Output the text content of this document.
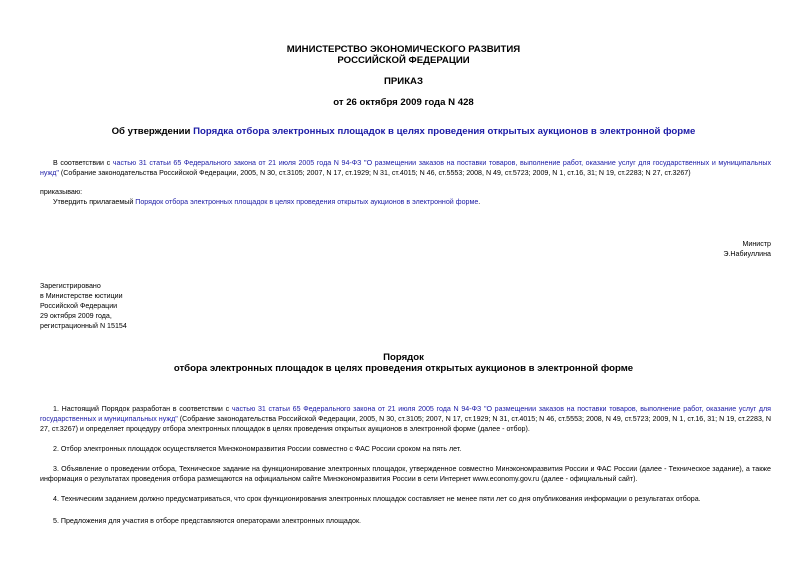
МИНИСТЕРСТВО ЭКОНОМИЧЕСКОГО РАЗВИТИЯ
РОССИЙСКОЙ ФЕДЕРАЦИИ
ПРИКАЗ
от 26 октября 2009 года N 428
Об утверждении Порядка отбора электронных площадок в целях проведения открытых аукционов в электронной форме
В соответствии с частью 31 статьи 65 Федерального закона от 21 июля 2005 года N 94-ФЗ "О размещении заказов на поставки товаров, выполнение работ, оказание услуг для государственных и муниципальных нужд" (Собрание законодательства Российской Федерации, 2005, N 30, ст.3105; 2007, N 17, ст.1929; N 31, ст.4015; N 46, ст.5553; 2008, N 49, ст.5723; 2009, N 1, ст.16, 31; N 19, ст.2283; N 27, ст.3267)
приказываю:
Утвердить прилагаемый Порядок отбора электронных площадок в целях проведения открытых аукционов в электронной форме.
Министр
Э.Набиуллина
Зарегистрировано
в Министерстве юстиции
Российской Федерации
29 октября 2009 года,
регистрационный N 15154
Порядок
отбора электронных площадок в целях проведения открытых аукционов в электронной форме
1. Настоящий Порядок разработан в соответствии с частью 31 статьи 65 Федерального закона от 21 июля 2005 года N 94-ФЗ "О размещении заказов на поставки товаров, выполнение работ, оказание услуг для государственных и муниципальных нужд" (Собрание законодательства Российской Федерации, 2005, N 30, ст.3105; 2007, N 17, ст.1929; N 31, ст.4015; N 46, ст.5553; 2008, N 49, ст.5723; 2009, N 1, ст.16, 31; N 19, ст.2283, N 27, ст.3267) и определяет процедуру отбора электронных площадок в целях проведения открытых аукционов в электронной форме (далее - отбор).
2. Отбор электронных площадок осуществляется Минэкономразвития России совместно с ФАС России сроком на пять лет.
3. Объявление о проведении отбора, Техническое задание на функционирование электронных площадок, утвержденное совместно Минэкономразвития России и ФАС России (далее - Техническое задание), а также информация о результатах проведения отбора размещаются на официальном сайте Минэкономразвития России в сети Интернет www.economy.gov.ru (далее - официальный сайт).
4. Техническим заданием должно предусматриваться, что срок функционирования электронных площадок составляет не менее пяти лет со дня опубликования информации о результатах отбора.
5. Предложения для участия в отборе представляются операторами электронных площадок.
